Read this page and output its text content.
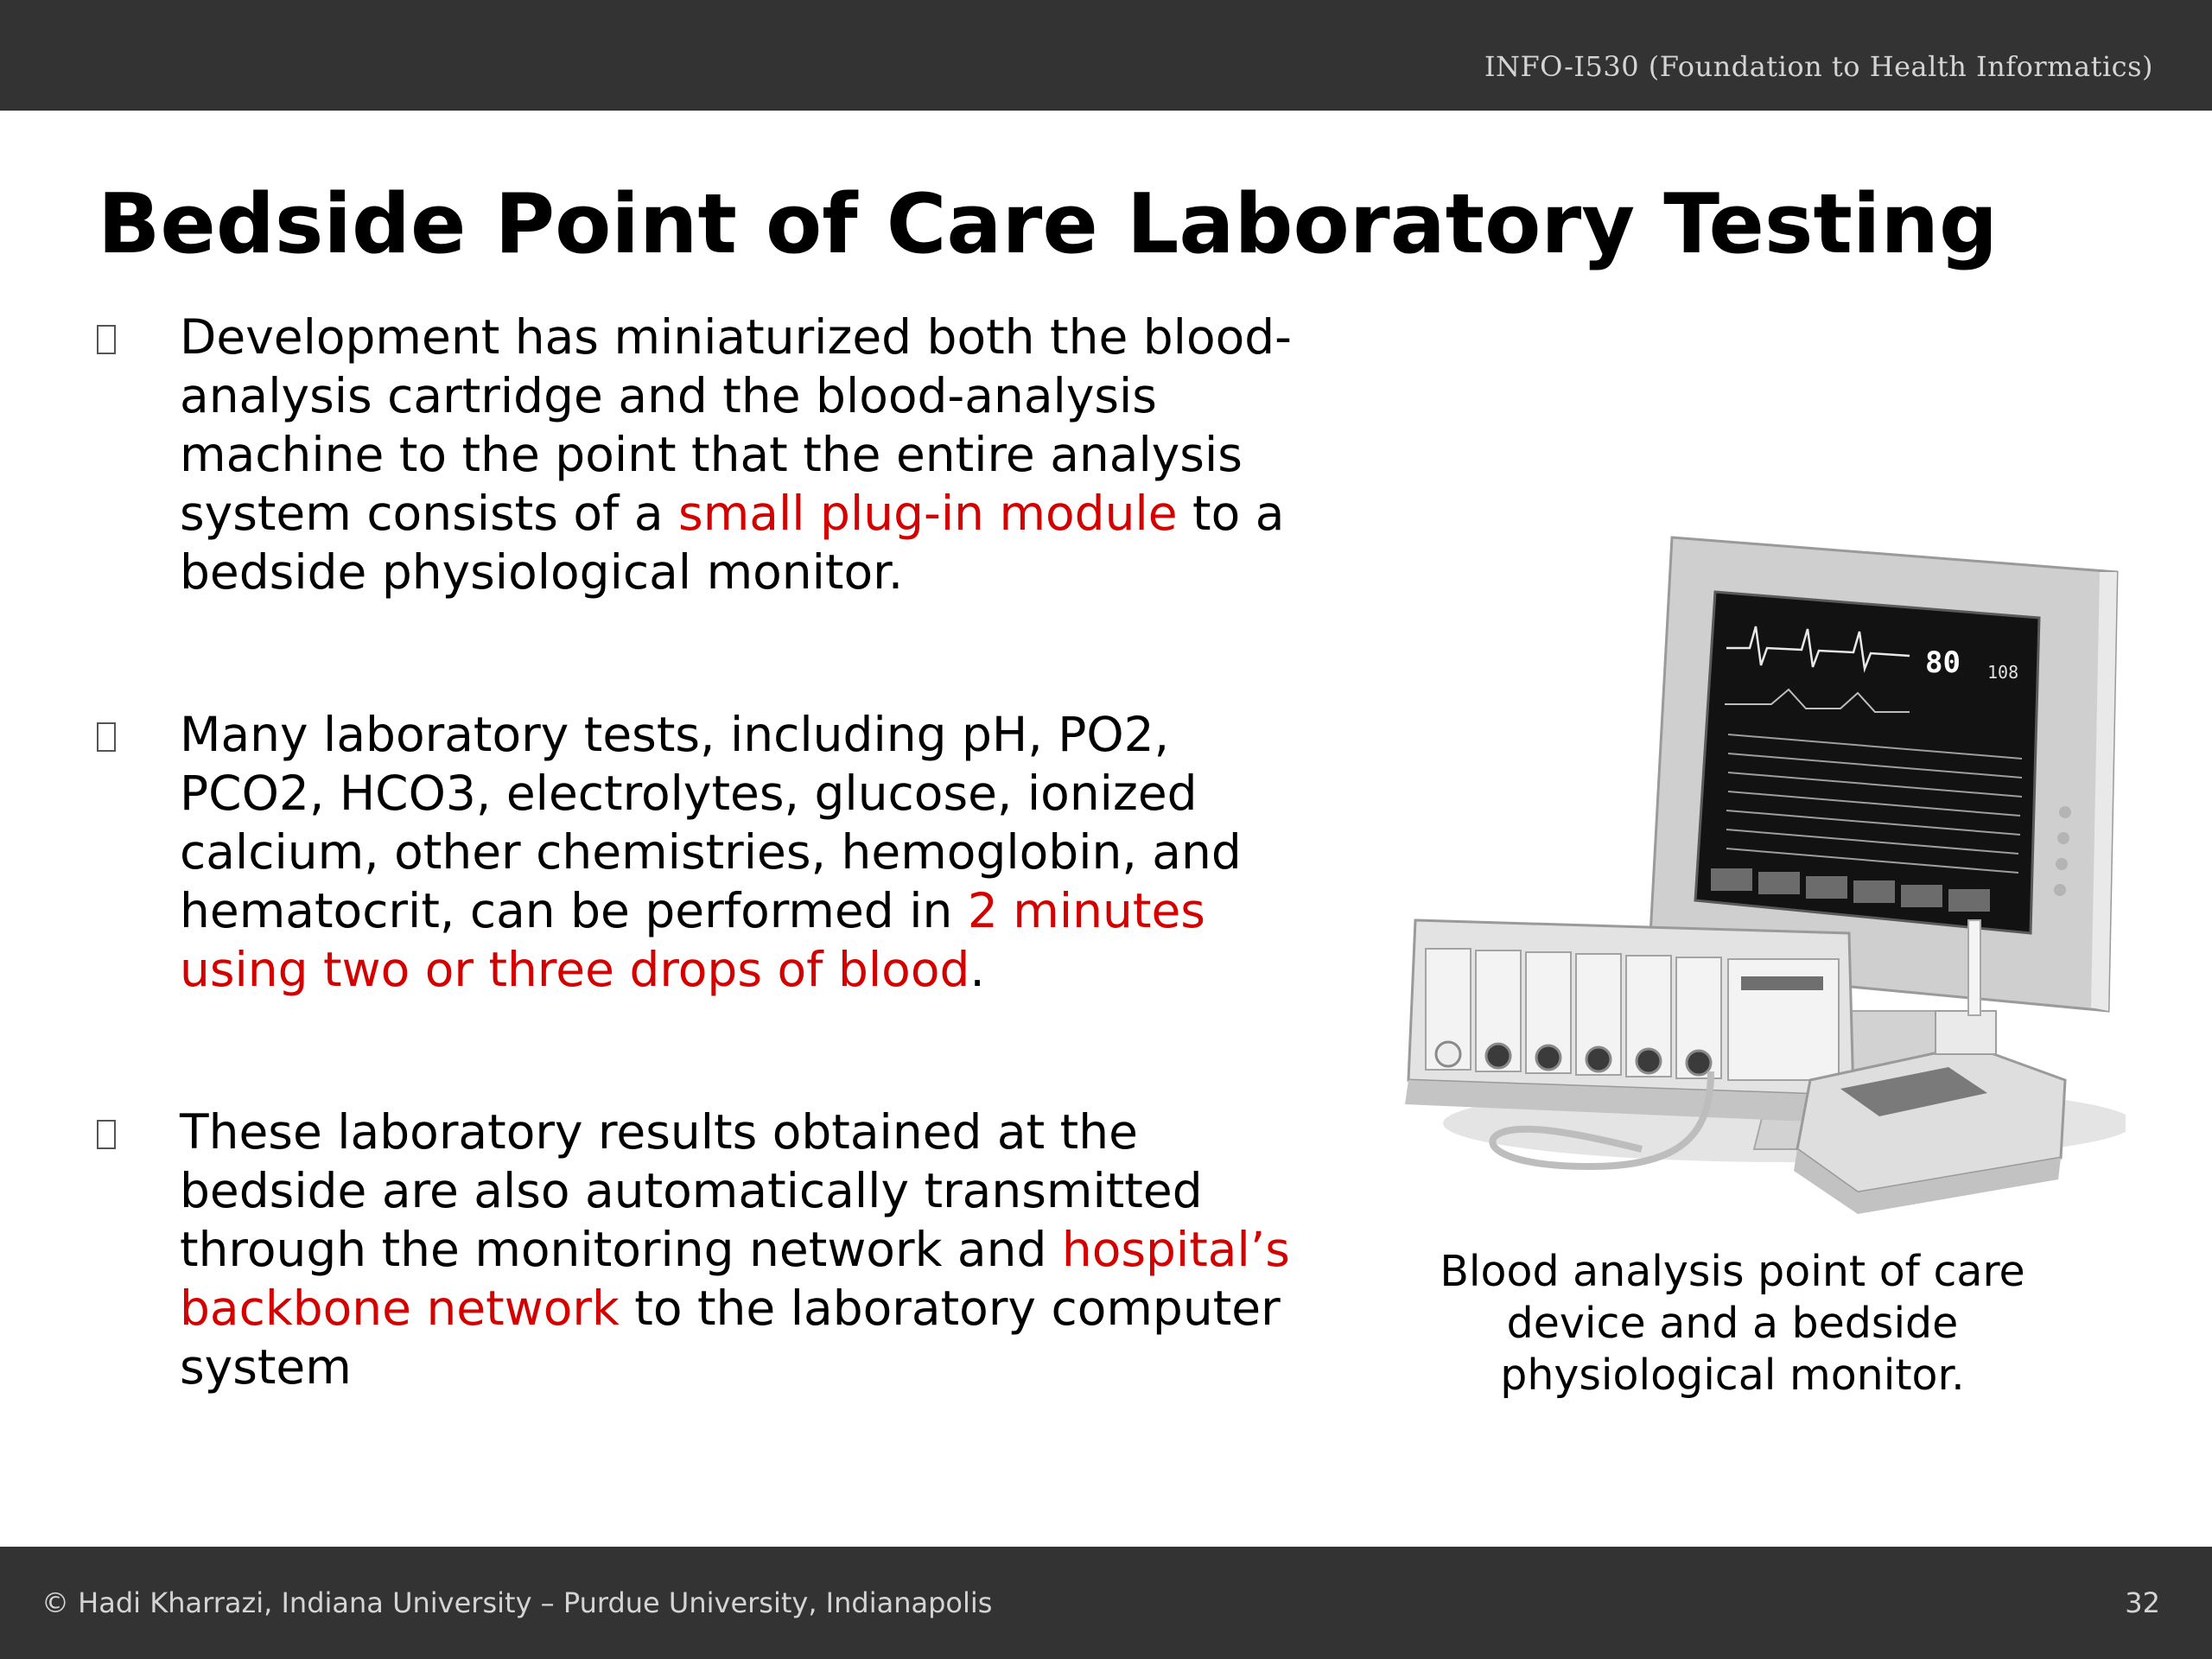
INFO-I530 (Foundation to Health Informatics)
Bedside Point of Care Laboratory Testing
Development has miniaturized both the blood-analysis cartridge and the blood-analysis machine to the point that the entire analysis system consists of a small plug-in module to a bedside physiological monitor.
Many laboratory tests, including pH, PO2, PCO2, HCO3, electrolytes, glucose, ionized calcium, other chemistries, hemoglobin, and hematocrit, can be performed in 2 minutes using two or three drops of blood.
These laboratory results obtained at the bedside are also automatically transmitted through the monitoring network and hospital’s backbone network to the laboratory computer system
80 108
Blood analysis point of care device and a bedside physiological monitor.
© Hadi Kharrazi, Indiana University – Purdue University, Indianapolis	32
